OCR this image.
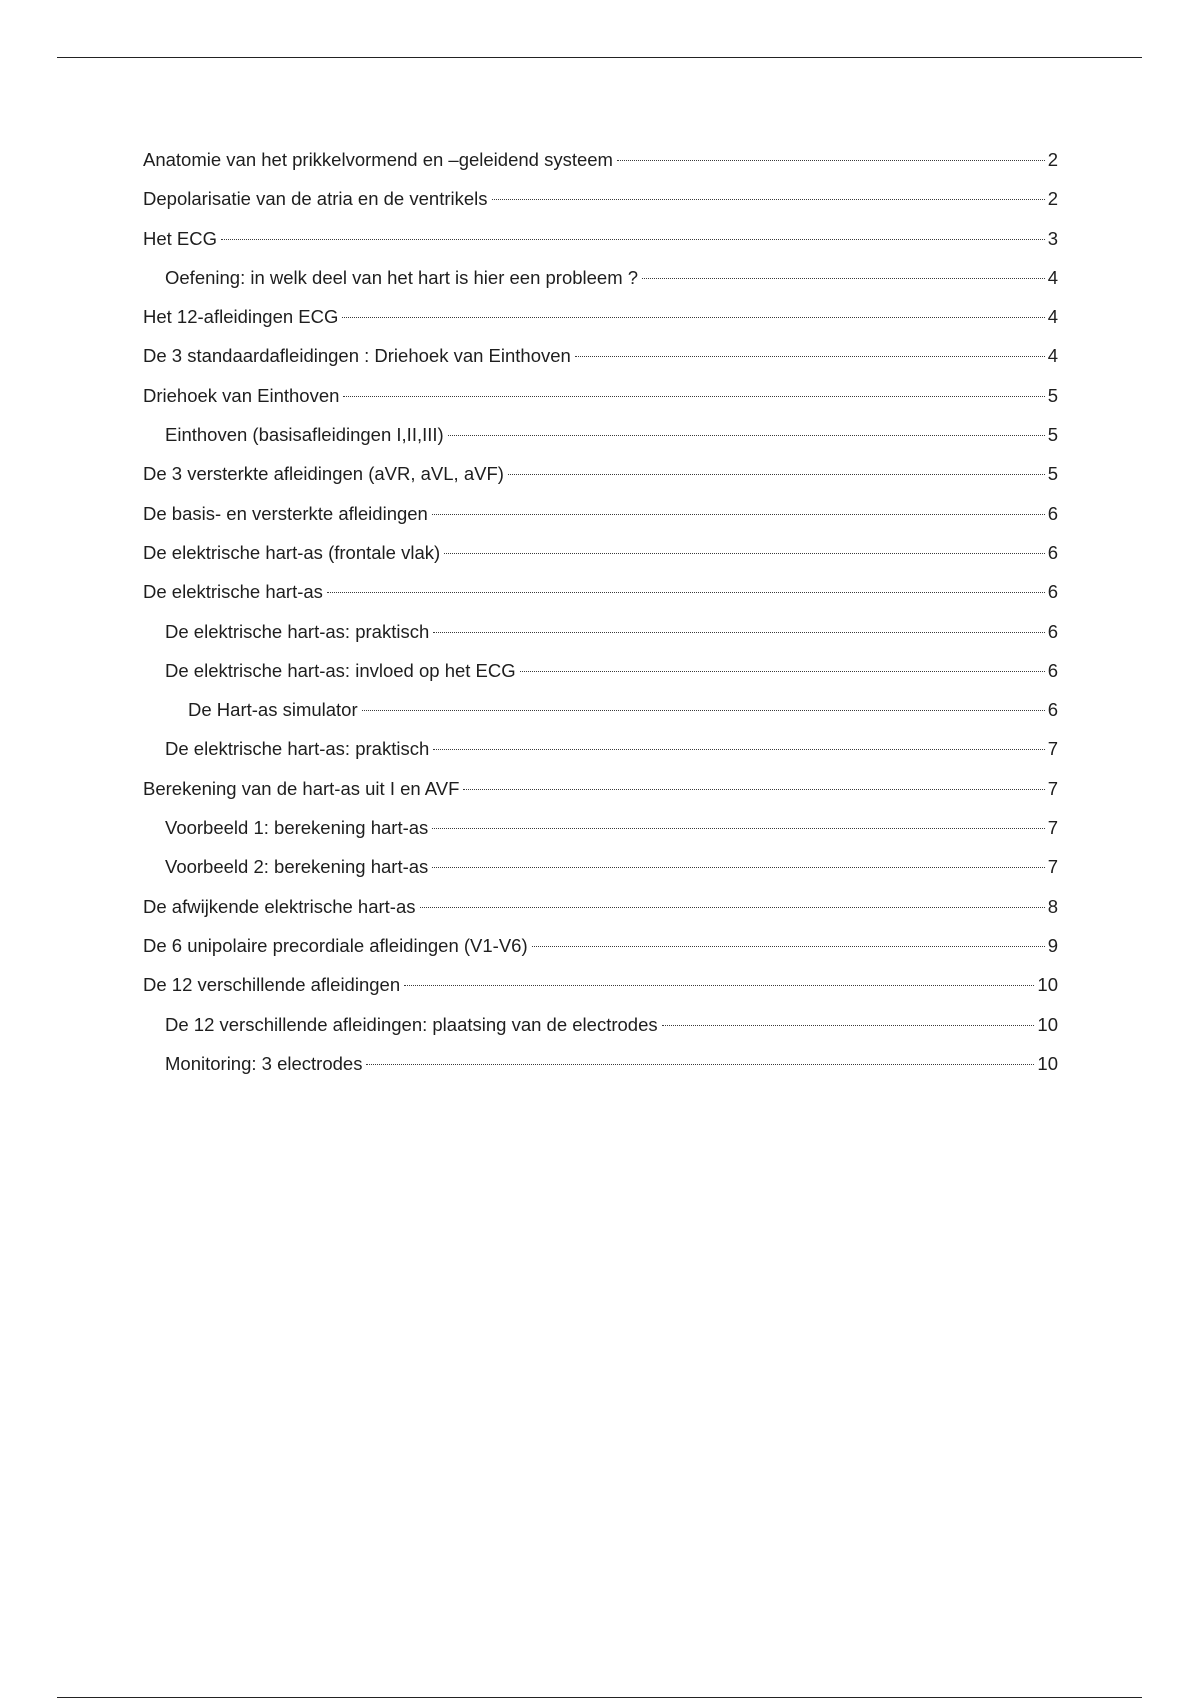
Anatomie van het prikkelvormend en –geleidend systeem	2
Depolarisatie van de atria en de ventrikels	2
Het ECG	3
Oefening: in welk deel van het hart is hier een probleem ?	4
Het 12-afleidingen ECG	4
De 3 standaardafleidingen : Driehoek van Einthoven	4
Driehoek van Einthoven	5
Einthoven (basisafleidingen I,II,III)	5
De 3 versterkte afleidingen (aVR, aVL, aVF)	5
De basis- en versterkte afleidingen	6
De elektrische hart-as (frontale vlak)	6
De elektrische hart-as	6
De elektrische hart-as: praktisch	6
De elektrische hart-as: invloed op het ECG	6
De Hart-as simulator	6
De elektrische hart-as: praktisch	7
Berekening van de hart-as uit I en AVF	7
Voorbeeld 1: berekening hart-as	7
Voorbeeld 2: berekening hart-as	7
De afwijkende elektrische hart-as	8
De 6 unipolaire precordiale afleidingen (V1-V6)	9
De 12 verschillende afleidingen	10
De 12 verschillende afleidingen: plaatsing van de electrodes	10
Monitoring: 3 electrodes	10
